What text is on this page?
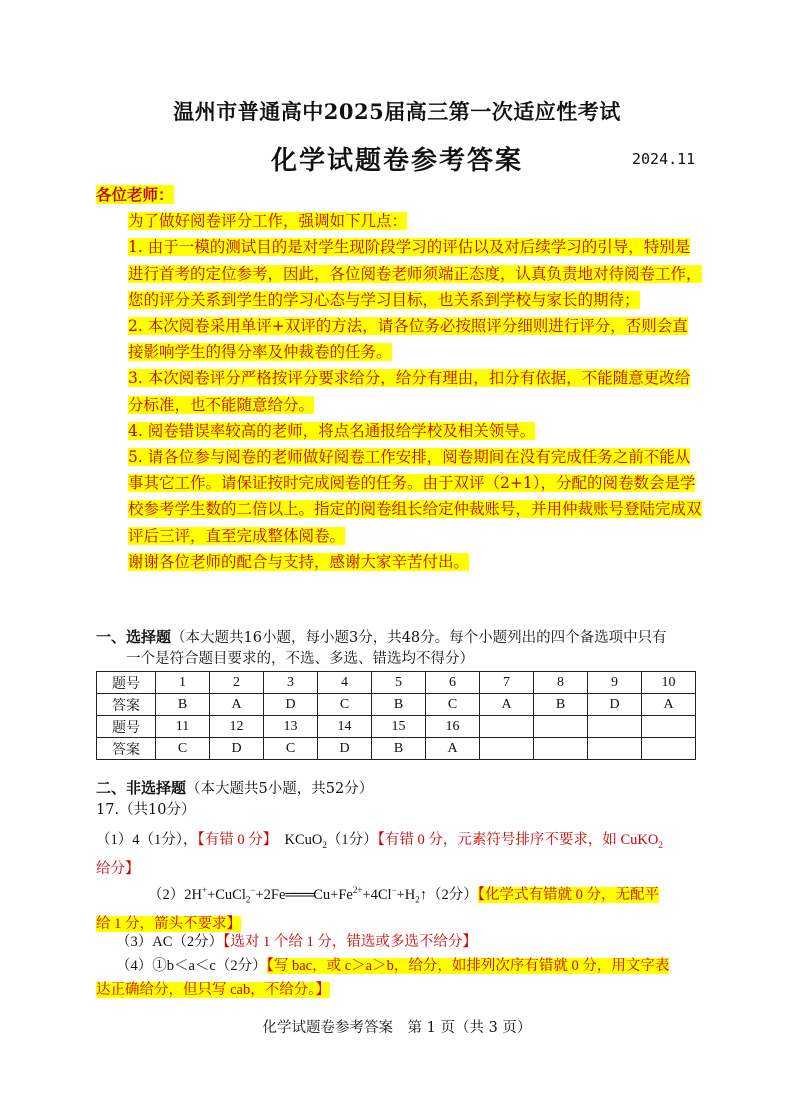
温州市普通高中2025届高三第一次适应性考试
化学试题卷参考答案	2024.11

各位老师：

为了做好阅卷评分工作，强调如下几点：

1. 由于一模的测试目的是对学生现阶段学习的评估以及对后续学习的引导，特别是进行首考的定位参考，因此，各位阅卷老师须端正态度，认真负责地对待阅卷工作，您的评分关系到学生的学习心态与学习目标，也关系到学校与家长的期待；

2. 本次阅卷采用单评+双评的方法，请各位务必按照评分细则进行评分，否则会直接影响学生的得分率及仲裁卷的任务。

3. 本次阅卷评分严格按评分要求给分，给分有理由，扣分有依据，不能随意更改给分标准，也不能随意给分。

4. 阅卷错误率较高的老师，将点名通报给学校及相关领导。

5. 请各位参与阅卷的老师做好阅卷工作安排，阅卷期间在没有完成任务之前不能从事其它工作。请保证按时完成阅卷的任务。由于双评（2+1），分配的阅卷数会是学校参考学生数的二倍以上。指定的阅卷组长给定仲裁账号，并用仲裁账号登陆完成双评后三评，直至完成整体阅卷。

谢谢各位老师的配合与支持，感谢大家辛苦付出。

一、选择题（本大题共16小题，每小题3分，共48分。每个小题列出的四个备选项中只有
一个是符合题目要求的，不选、多选、错选均不得分）
题号	1	2	3	4	5	6	7	8	9	10
答案	B	A	D	C	B	C	A	B	D	A
题号	11	12	13	14	15	16				
答案	C	D	C	D	B	A				
二、非选择题（本大题共5小题，共52分）
17.（共10分）
（1）4（1分），【有错 0 分】 KCuO$_2$（1分）【有错 0 分，元素符号排序不要求，如 CuKO$_2$
给分】
$(2)2H^++CuCl_2^-+2Fe═══Cu+Fe^{2+}+4Cl^-+H_2↑(2$分）【化学式有错就 0 分，无配平
给 1 分，箭头不要求】
（3）AC（2分）【选对 1 个给 1 分，错选或多选不给分】
（4）①b＜a＜c（2分）【写 bac，或 c＞a＞b，给分，如排列次序有错就 0 分，用文字表
达正确给分，但只写 cab，不给分。】
化学试题卷参考答案　第 1 页（共 3 页）
